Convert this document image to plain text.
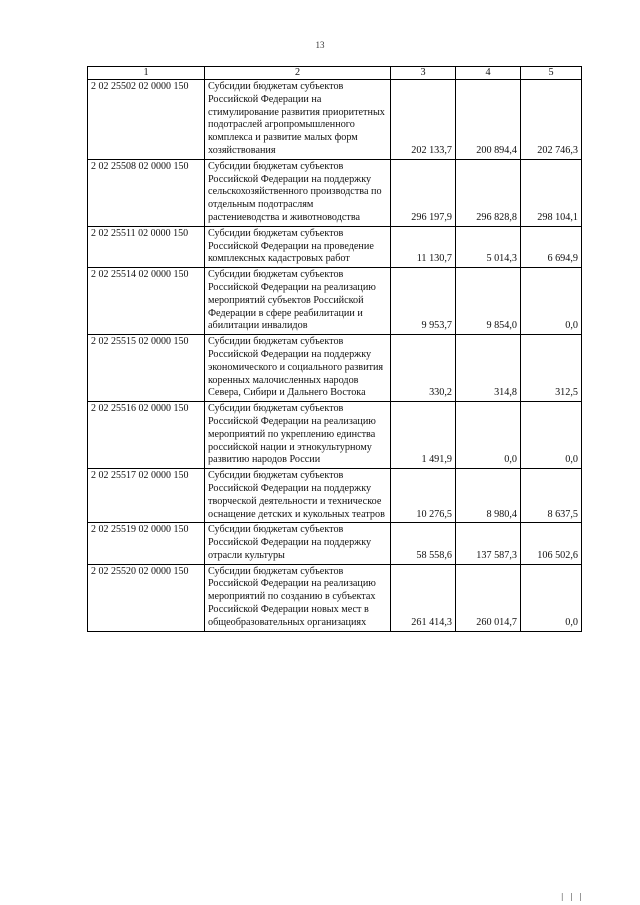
13
1	2	3	4	5
2 02 25502 02 0000 150	Субсидии бюджетам субъектов Российской Федерации на стимулирование развития приоритетных подотраслей агропромышленного комплекса и развитие малых форм хозяйствования	202 133,7	200 894,4	202 746,3
2 02 25508 02 0000 150	Субсидии бюджетам субъектов Российской Федерации на поддержку сельскохозяйственного производства по отдельным подотраслям растениеводства и животноводства	296 197,9	296 828,8	298 104,1
2 02 25511 02 0000 150	Субсидии бюджетам субъектов Российской Федерации на проведение комплексных кадастровых работ	11 130,7	5 014,3	6 694,9
2 02 25514 02 0000 150	Субсидии бюджетам субъектов Российской Федерации на реализацию мероприятий субъектов Российской Федерации в сфере реабилитации и абилитации инвалидов	9 953,7	9 854,0	0,0
2 02 25515 02 0000 150	Субсидии бюджетам субъектов Российской Федерации на поддержку экономического и социального развития коренных малочисленных народов Севера, Сибири и Дальнего Востока	330,2	314,8	312,5
2 02 25516 02 0000 150	Субсидии бюджетам субъектов Российской Федерации на реализацию мероприятий по укреплению единства российской нации и этнокультурному развитию народов России	1 491,9	0,0	0,0
2 02 25517 02 0000 150	Субсидии бюджетам субъектов Российской Федерации на поддержку творческой деятельности и техническое оснащение детских и кукольных театров	10 276,5	8 980,4	8 637,5
2 02 25519 02 0000 150	Субсидии бюджетам субъектов Российской Федерации на поддержку отрасли культуры	58 558,6	137 587,3	106 502,6
2 02 25520 02 0000 150	Субсидии бюджетам субъектов Российской Федерации на реализацию мероприятий по созданию в субъектах Российской Федерации новых мест в общеобразовательных организациях	261 414,3	260 014,7	0,0
| | |
